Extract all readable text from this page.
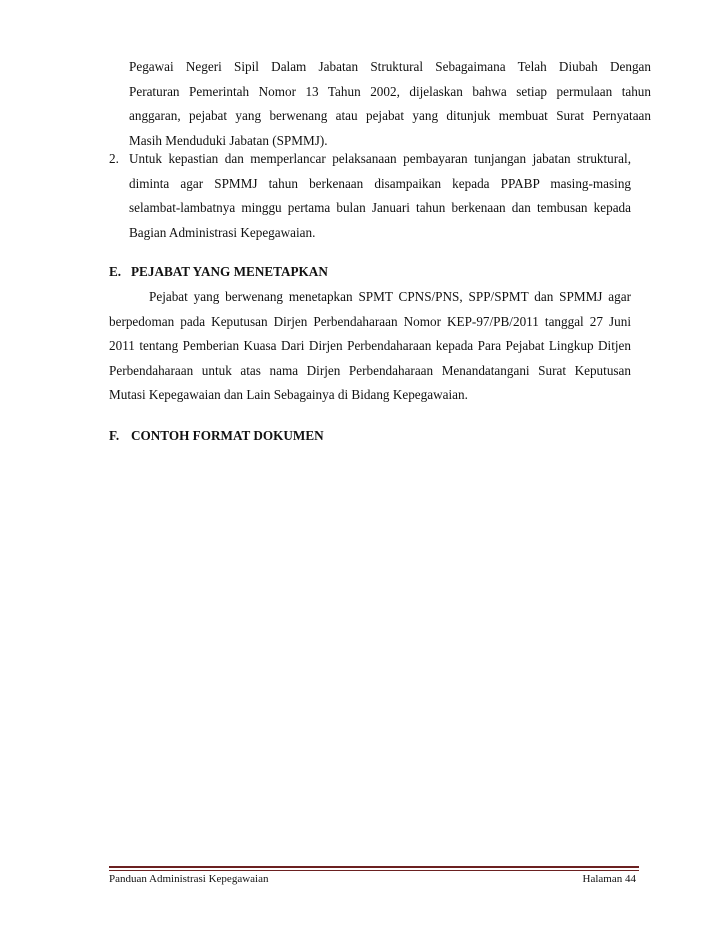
Pegawai Negeri Sipil Dalam Jabatan Struktural Sebagaimana Telah Diubah Dengan
Peraturan Pemerintah Nomor 13 Tahun 2002, dijelaskan bahwa setiap permulaan tahun
anggaran, pejabat yang berwenang atau pejabat yang ditunjuk membuat Surat Pernyataan
Masih Menduduki Jabatan (SPMMJ).
2. Untuk kepastian dan memperlancar pelaksanaan pembayaran tunjangan jabatan struktural,
diminta agar SPMMJ tahun berkenaan disampaikan kepada PPABP masing-masing
selambat-lambatnya minggu pertama bulan Januari tahun berkenaan dan tembusan kepada
Bagian Administrasi Kepegawaian.
E. PEJABAT YANG MENETAPKAN
Pejabat yang berwenang menetapkan SPMT CPNS/PNS, SPP/SPMT dan SPMMJ agar
berpedoman pada Keputusan Dirjen Perbendaharaan Nomor KEP-97/PB/2011 tanggal 27 Juni
2011 tentang Pemberian Kuasa Dari Dirjen Perbendaharaan kepada Para Pejabat Lingkup Ditjen
Perbendaharaan untuk atas nama Dirjen Perbendaharaan Menandatangani Surat Keputusan
Mutasi Kepegawaian dan Lain Sebagainya di Bidang Kepegawaian.
F. CONTOH FORMAT DOKUMEN
Panduan Administrasi Kepegawaian	Halaman 44
